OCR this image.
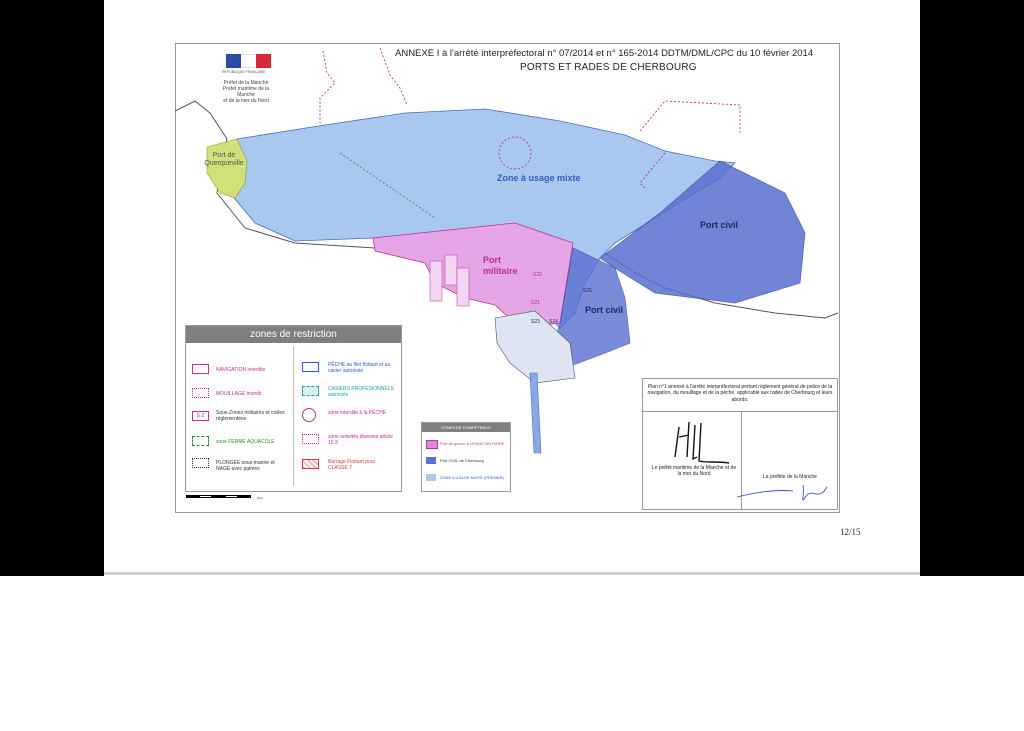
RÉPUBLIQUE FRANÇAISE
Préfet de la Manche
Préfet maritime de la Manche
et de la mer du Nord
ANNEXE I à l'arrêté interpréfectoral n° 07/2014 et n° 165-2014 DDTM/DML/CPC du 10 février 2014
PORTS ET RADES DE CHERBOURG
Port de Querqueville
Zone à usage mixte
Port civil
Port militaire
Port civil
S22
S21
S23 S24
S25
zones de restriction
NAVIGATION interdite
MOUILLAGE interdit
S Z	Sous-Zones militaires et civiles réglementées
zone FERME AQUACOLE
PLONGÉE sous-marine et NAGE avec palmes
PÊCHE au filet flottant et au casier autorisée
CASIERS PROFESIONNELS autorisés
zone interdite à la PÊCHE
zone activités diverses article 10.2
Barrage Flottant pour CLASSE 7
1km
ZONES DE COMPÉTENCE
Port de guerre à USAGE MILITAIRE
Port CIVIL de Cherbourg
ZONE à USAGE MIXTE (PREMAR)
Plan n°1 annexé à l'arrêté interpréfectoral portant règlement général de police de la navigation, du mouillage et de la pêche, applicable aux rades de Cherbourg et leurs abords.
Le préfet maritime de la Manche et de la mer du Nord	La préfète de la Manche
12/15
